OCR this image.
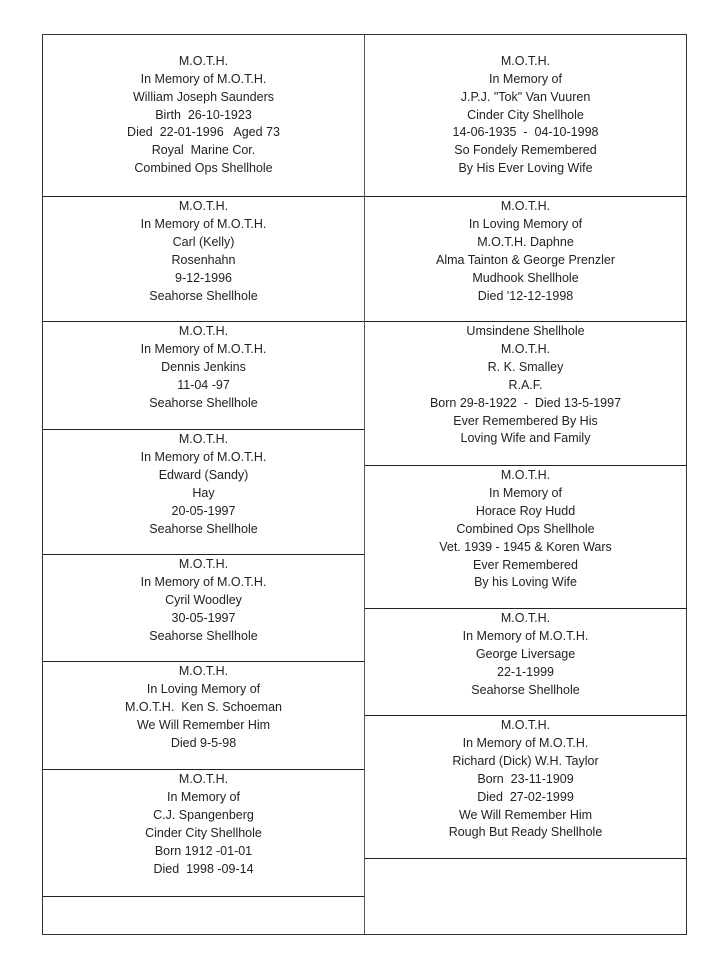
M.O.T.H.
In Memory of M.O.T.H.
William Joseph Saunders
Birth  26-10-1923
Died  22-01-1996   Aged 73
Royal  Marine Cor.
Combined Ops Shellhole
M.O.T.H.
In Memory of M.O.T.H.
Carl (Kelly)
Rosenhahn
9-12-1996
Seahorse Shellhole
M.O.T.H.
In Memory of M.O.T.H.
Dennis Jenkins
11-04 -97
Seahorse Shellhole
M.O.T.H.
In Memory of M.O.T.H.
Edward (Sandy)
Hay
20-05-1997
Seahorse Shellhole
M.O.T.H.
In Memory of M.O.T.H.
Cyril Woodley
30-05-1997
Seahorse Shellhole
M.O.T.H.
In Loving Memory of
M.O.T.H.  Ken S. Schoeman
We Will Remember Him
Died 9-5-98
M.O.T.H.
In Memory of
C.J. Spangenberg
Cinder City Shellhole
Born 1912 -01-01
Died  1998 -09-14
M.O.T.H.
In Memory of
J.P.J. "Tok" Van Vuuren
Cinder City Shellhole
14-06-1935  -  04-10-1998
So Fondely Remembered
By His Ever Loving Wife
M.O.T.H.
In Loving Memory of
M.O.T.H. Daphne
Alma Tainton & George Prenzler
Mudhook Shellhole
Died '12-12-1998
Umsindene Shellhole
M.O.T.H.
R. K. Smalley
R.A.F.
Born 29-8-1922  -  Died 13-5-1997
Ever Remembered By His
Loving Wife and Family
M.O.T.H.
In Memory of
Horace Roy Hudd
Combined Ops Shellhole
Vet. 1939 - 1945 & Koren Wars
Ever Remembered
By his Loving Wife
M.O.T.H.
In Memory of M.O.T.H.
George Liversage
22-1-1999
Seahorse Shellhole
M.O.T.H.
In Memory of M.O.T.H.
Richard (Dick) W.H. Taylor
Born  23-11-1909
Died  27-02-1999
We Will Remember Him
Rough But Ready Shellhole
